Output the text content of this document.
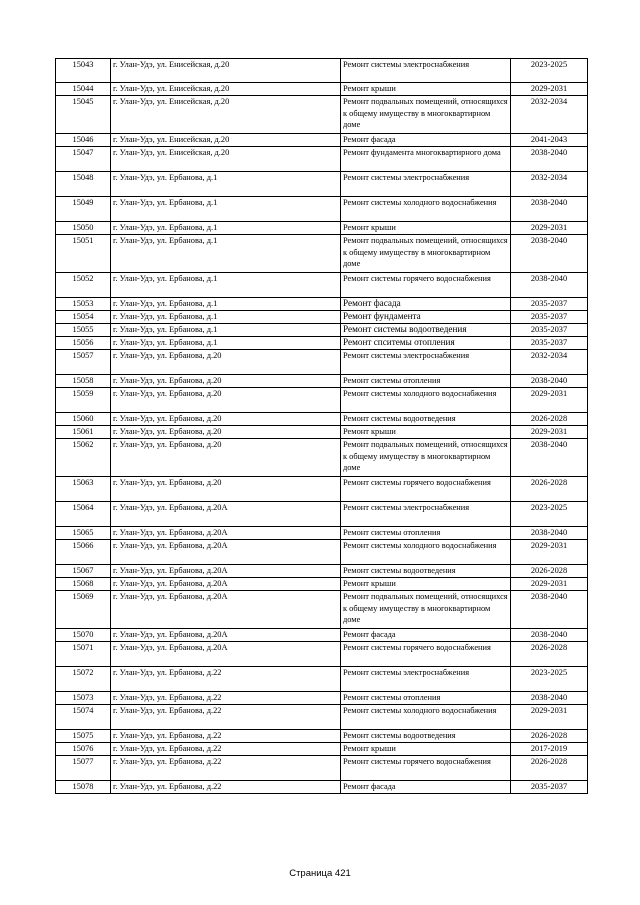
15043	г. Улан-Удэ, ул. Енисейская, д.20	Ремонт системы электроснабжения	2023-2025
15044	г. Улан-Удэ, ул. Енисейская, д.20	Ремонт крыши	2029-2031
15045	г. Улан-Удэ, ул. Енисейская, д.20	Ремонт подвальных помещений, относящихся к общему имуществу в многоквартирном доме	2032-2034
15046	г. Улан-Удэ, ул. Енисейская, д.20	Ремонт фасада	2041-2043
15047	г. Улан-Удэ, ул. Енисейская, д.20	Ремонт фундамента многоквартирного дома	2038-2040
15048	г. Улан-Удэ, ул. Ербанова, д.1	Ремонт системы электроснабжения	2032-2034
15049	г. Улан-Удэ, ул. Ербанова, д.1	Ремонт системы холодного водоснабжения	2038-2040
15050	г. Улан-Удэ, ул. Ербанова, д.1	Ремонт крыши	2029-2031
15051	г. Улан-Удэ, ул. Ербанова, д.1	Ремонт подвальных помещений, относящихся к общему имуществу в многоквартирном доме	2038-2040
15052	г. Улан-Удэ, ул. Ербанова, д.1	Ремонт системы горячего водоснабжения	2038-2040
15053	г. Улан-Удэ, ул. Ербанова, д.1	Ремонт фасада	2035-2037
15054	г. Улан-Удэ, ул. Ербанова, д.1	Ремонт фундамента	2035-2037
15055	г. Улан-Удэ, ул. Ербанова, д.1	Ремонт системы водоотведения	2035-2037
15056	г. Улан-Удэ, ул. Ербанова, д.1	Ремонт спситемы отопления	2035-2037
15057	г. Улан-Удэ, ул. Ербанова, д.20	Ремонт системы электроснабжения	2032-2034
15058	г. Улан-Удэ, ул. Ербанова, д.20	Ремонт системы отопления	2038-2040
15059	г. Улан-Удэ, ул. Ербанова, д.20	Ремонт системы холодного водоснабжения	2029-2031
15060	г. Улан-Удэ, ул. Ербанова, д.20	Ремонт системы водоотведения	2026-2028
15061	г. Улан-Удэ, ул. Ербанова, д.20	Ремонт крыши	2029-2031
15062	г. Улан-Удэ, ул. Ербанова, д.20	Ремонт подвальных помещений, относящихся к общему имуществу в многоквартирном доме	2038-2040
15063	г. Улан-Удэ, ул. Ербанова, д.20	Ремонт системы горячего водоснабжения	2026-2028
15064	г. Улан-Удэ, ул. Ербанова, д.20А	Ремонт системы электроснабжения	2023-2025
15065	г. Улан-Удэ, ул. Ербанова, д.20А	Ремонт системы отопления	2038-2040
15066	г. Улан-Удэ, ул. Ербанова, д.20А	Ремонт системы холодного водоснабжения	2029-2031
15067	г. Улан-Удэ, ул. Ербанова, д.20А	Ремонт системы водоотведения	2026-2028
15068	г. Улан-Удэ, ул. Ербанова, д.20А	Ремонт крыши	2029-2031
15069	г. Улан-Удэ, ул. Ербанова, д.20А	Ремонт подвальных помещений, относящихся к общему имуществу в многоквартирном доме	2038-2040
15070	г. Улан-Удэ, ул. Ербанова, д.20А	Ремонт фасада	2038-2040
15071	г. Улан-Удэ, ул. Ербанова, д.20А	Ремонт системы горячего водоснабжения	2026-2028
15072	г. Улан-Удэ, ул. Ербанова, д.22	Ремонт системы электроснабжения	2023-2025
15073	г. Улан-Удэ, ул. Ербанова, д.22	Ремонт системы отопления	2038-2040
15074	г. Улан-Удэ, ул. Ербанова, д.22	Ремонт системы холодного водоснабжения	2029-2031
15075	г. Улан-Удэ, ул. Ербанова, д.22	Ремонт системы водоотведения	2026-2028
15076	г. Улан-Удэ, ул. Ербанова, д.22	Ремонт крыши	2017-2019
15077	г. Улан-Удэ, ул. Ербанова, д.22	Ремонт системы горячего водоснабжения	2026-2028
15078	г. Улан-Удэ, ул. Ербанова, д.22	Ремонт фасада	2035-2037
Страница 421
